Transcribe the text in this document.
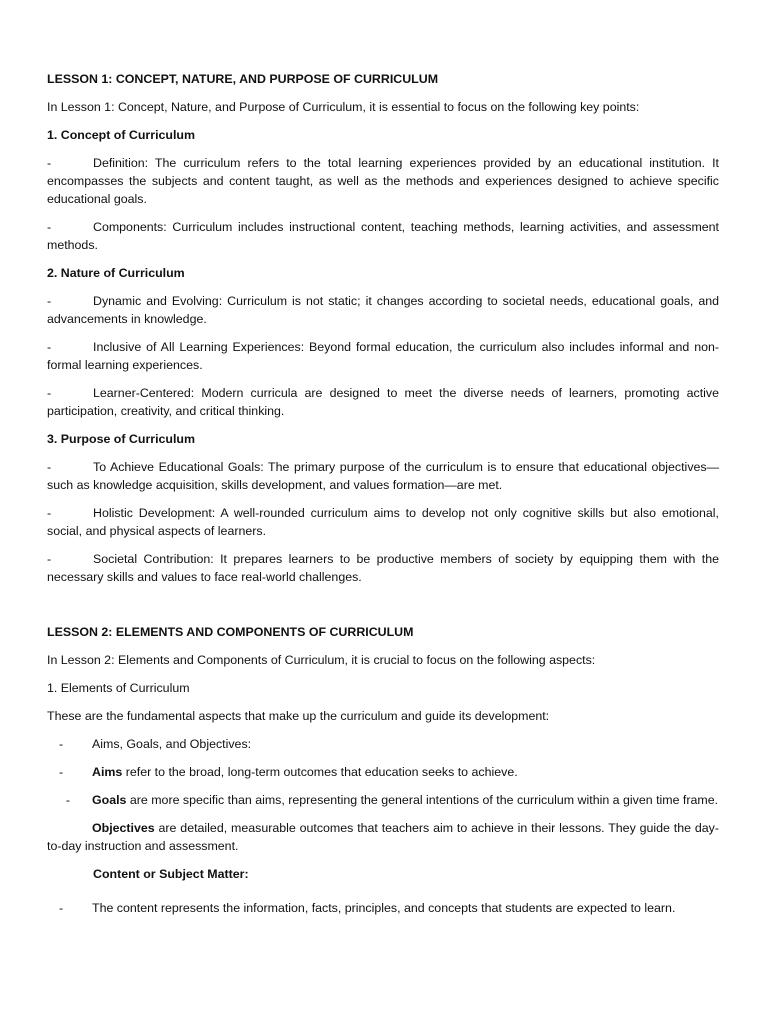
LESSON 1: CONCEPT, NATURE, AND PURPOSE OF CURRICULUM

In Lesson 1: Concept, Nature, and Purpose of Curriculum, it is essential to focus on the following key points:

1. Concept of Curriculum

-	Definition: The curriculum refers to the total learning experiences provided by an educational institution. It encompasses the subjects and content taught, as well as the methods and experiences designed to achieve specific educational goals.

-	Components: Curriculum includes instructional content, teaching methods, learning activities, and assessment methods.

2. Nature of Curriculum

-	Dynamic and Evolving: Curriculum is not static; it changes according to societal needs, educational goals, and advancements in knowledge.

-	Inclusive of All Learning Experiences: Beyond formal education, the curriculum also includes informal and non-formal learning experiences.

-	Learner-Centered: Modern curricula are designed to meet the diverse needs of learners, promoting active participation, creativity, and critical thinking.

3. Purpose of Curriculum

-	To Achieve Educational Goals: The primary purpose of the curriculum is to ensure that educational objectives—such as knowledge acquisition, skills development, and values formation—are met.

-	Holistic Development: A well-rounded curriculum aims to develop not only cognitive skills but also emotional, social, and physical aspects of learners.

-	Societal Contribution: It prepares learners to be productive members of society by equipping them with the necessary skills and values to face real-world challenges.

LESSON 2: ELEMENTS AND COMPONENTS OF CURRICULUM

In Lesson 2: Elements and Components of Curriculum, it is crucial to focus on the following aspects:

1. Elements of Curriculum

These are the fundamental aspects that make up the curriculum and guide its development:

- Aims, Goals, and Objectives:

- Aims refer to the broad, long-term outcomes that education seeks to achieve.

- Goals are more specific than aims, representing the general intentions of the curriculum within a given time frame.

Objectives are detailed, measurable outcomes that teachers aim to achieve in their lessons. They guide the day-to-day instruction and assessment.

Content or Subject Matter:

- The content represents the information, facts, principles, and concepts that students are expected to learn.
